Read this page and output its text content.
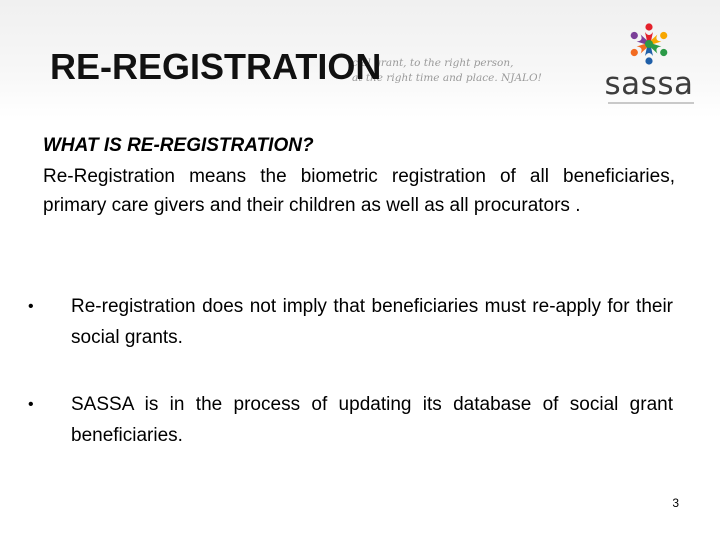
cial grant, to the right person,
at the right time and place. NJALO!
RE-REGISTRATION	sassa

WHAT IS RE-REGISTRATION?

Re-Registration means the biometric registration of all beneficiaries, primary care givers and their children as well as all procurators .

•	Re-registration does not imply that beneficiaries must re-apply for their social grants.
•	SASSA is in the process of updating its database of social grant beneficiaries.
3
